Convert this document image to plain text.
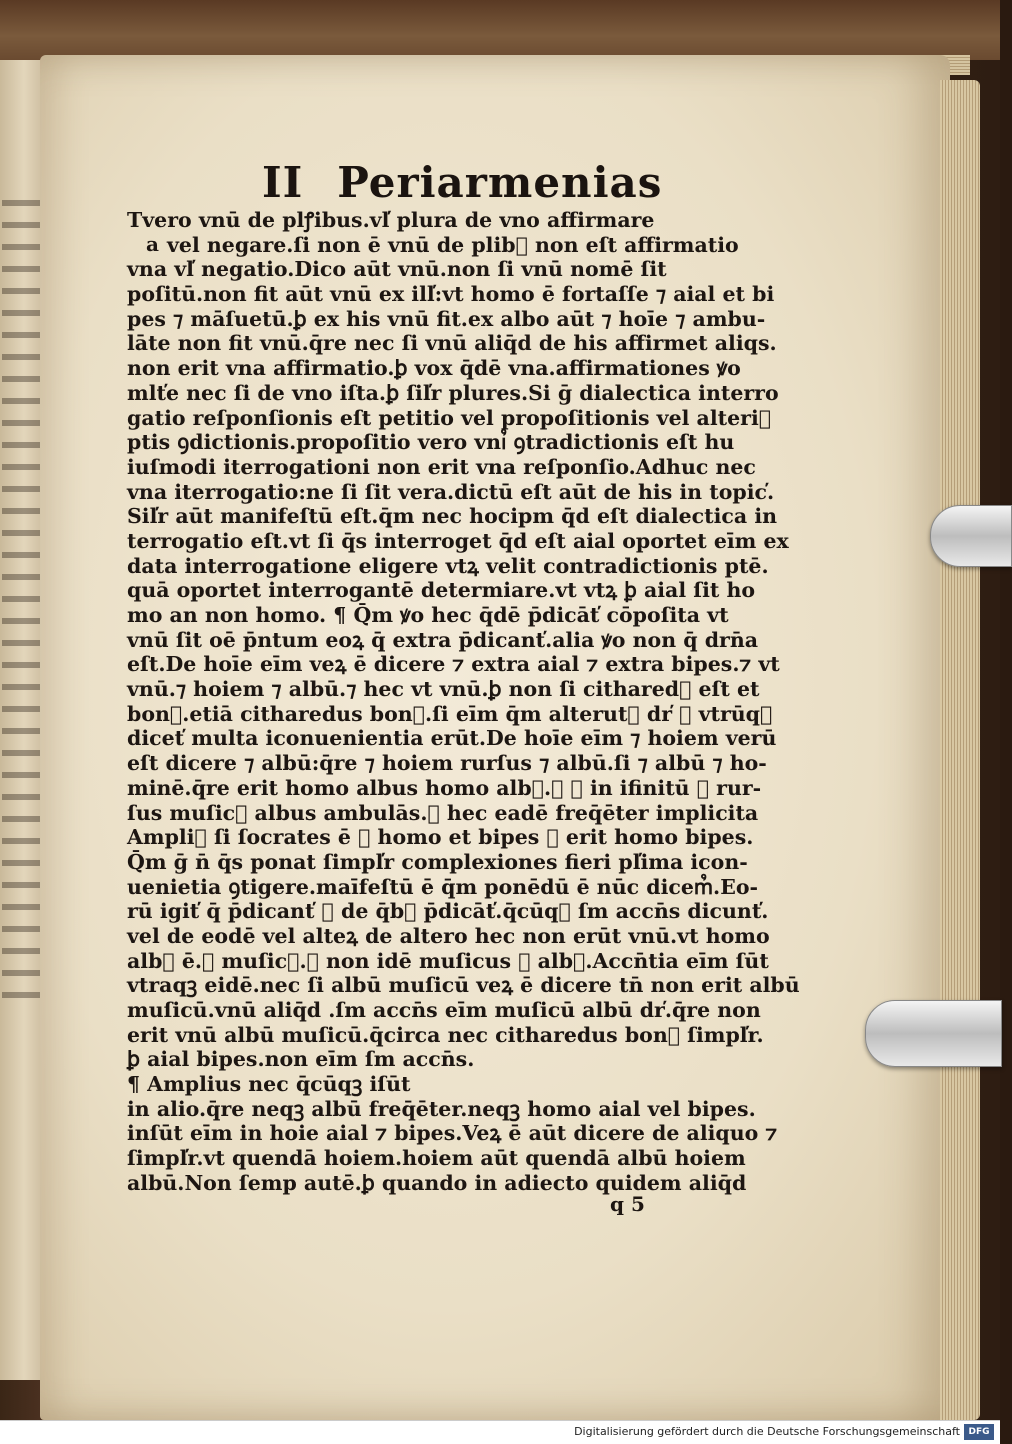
II Periarmenias
a
Tvero vnū de plꝭibus.vl̕ plura de vno affirmare
vel negare.ſi non ē vnū de plib᷒ non eſt affirmatio
vna vl̕ negatio.Dico aūt vnū.non ſi vnū nomē ſit
poſitū.non fit aūt vnū ex ill̕:vt homo ē fortaſſe ⁊ aial et bi
pes ⁊ māſuetū.ꝧ ex his vnū fit.ex albo aūt ⁊ hoīe ⁊ ambu-
lāte non fit vnū.q̄re nec ſi vnū aliq̄d de his affirmet aliqs.
non erit vna affirmatio.ꝧ vox q̄dē vna.affirmationes ꝟo
mlt̕e nec ſi de vno iſta.ꝧ ſil̕r plures.Si ḡ dialectica interro
gatio reſponſionis eſt petitio vel propoſitionis vel alteri᷒
ptis ꝯdictionis.propoſitio vero vni᷒ ꝯtradictionis eſt hu
iuſmodi iterrogationi non erit vna reſponſio.Adhuc nec
vna iterrogatio:ne ſi ſit vera.dictū eſt aūt de his in topic̕.
Sil̕r aūt manifeſtū eſt.q̄m nec hocipm q̄d eſt dialectica in
terrogatio eſt.vt ſi q̄s interroget q̄d eſt aial oportet eīm ex
data interrogatione eligere vtꝝ velit contradictionis ptē.
quā oportet interrogantē determiare.vt vtꝝ ꝧ aial ſit ho
mo an non homo. ¶ Q̄m ꝟo hec q̄dē p̄dicāt̕ cōpoſita vt
vnū ſit oē p̄ntum eoꝝ q̄ extra p̄dicant̕.alia ꝟo non q̄ drn̄a
eſt.De hoīe eīm veꝝ ē dicere ⁊ extra aial ⁊ extra bipes.⁊ vt
vnū.⁊ hoiem ⁊ albū.⁊ hec vt vnū.ꝧ non ſi cithared᷒ eſt et
bon᷒.etiā citharedus bon᷒.ſi eīm q̄m alterutꝝ dr̕ ⁊ vtrūqꝫ
dicet̕ multa iconuenientia erūt.De hoīe eīm ⁊ hoiem verū
eſt dicere ⁊ albū:q̄re ⁊ hoiem rurſus ⁊ albū.ſi ⁊ albū ⁊ ho-
minē.q̄re erit homo albus homo alb᷒.⁊ ꝧ in ifinitū ⁊ rur-
ſus muſic᷒ albus ambulās.⁊ hec eadē freq̄ēter implicita
Ampli᷒ ſi ſocrates ē ⁊ homo et bipes ⁊ erit homo bipes.
Q̄m ḡ n̄ q̄s ponat ſimpl̕r complexiones fieri pl̕ima icon-
uenietia ꝯtigere.maīfeſtū ē q̄m ponēdū ē nūc dicem᷒.Eo-
rū igit̕ q̄ p̄dicant̕ ⁊ de q̄b᷒ p̄dicāt̕.q̄cūqꝫ ſm accn̄s dicunt̕.
vel de eodē vel alteꝝ de altero hec non erūt vnū.vt homo
alb᷒ ē.⁊ muſic᷒.ꝧ non idē muſicus ⁊ alb᷒.Accn̄tia eīm ſūt
vtraqꝫ eidē.nec ſi albū muſicū veꝝ ē dicere tn̄ non erit albū
muſicū.vnū aliq̄d .ſm accn̄s eīm muſicū albū dr̕.q̄re non
erit vnū albū muſicū.q̄circa nec citharedus bon᷒ ſimpl̕r.
ꝧ aial bipes.non eīm ſm accn̄s.
¶ Amplius nec q̄cūqꝫ iſūt
in alio.q̄re neqꝫ albū freq̄ēter.neqꝫ homo aial vel bipes.
inſūt eīm in hoie aial ⁊ bipes.Veꝝ ē aūt dicere de aliquo ⁊
ſimpl̕r.vt quendā hoiem.hoiem aūt quendā albū hoiem
albū.Non ſemp autē.ꝧ quando in adiecto quidem aliq̄d
q 5
Digitalisierung gefördert durch die Deutsche Forschungsgemeinschaft DFG
